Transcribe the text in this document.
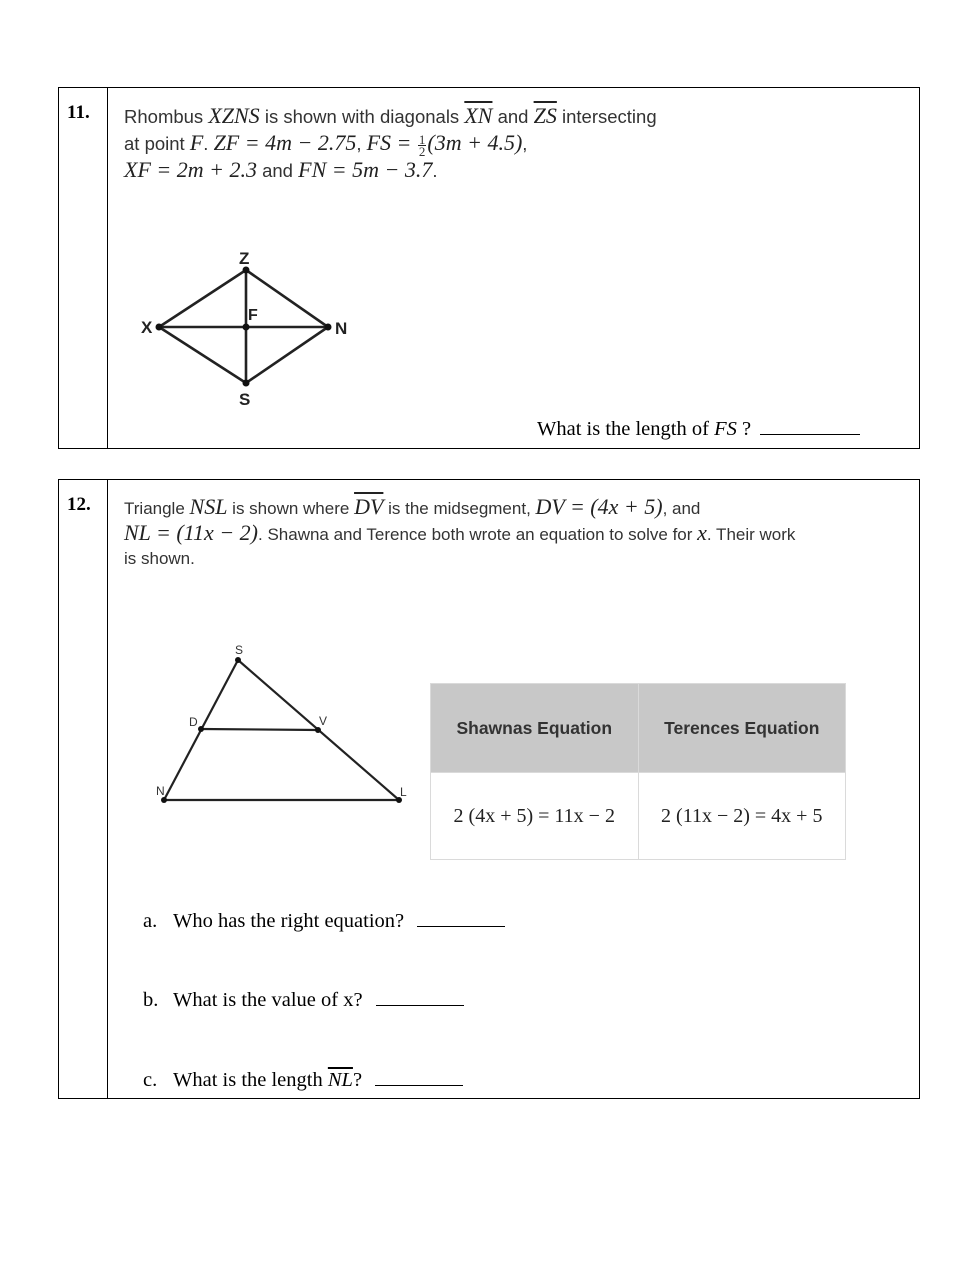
11. Rhombus XZNS is shown with diagonals $\overline{XN}$ and $\overline{ZS}$ intersecting
at point F. ZF = 4m − 2.75, FS = $\frac{1}{2} (3m + 4.5)$,
XF = 2m + 2.3 and FN = 5m − 3.7.
Z
X
F
N
S
What is the length of FS ?
12. Triangle NSL is shown where $\overline{DV}$ is the midsegment, DV = (4x + 5), and
NL = (11x − 2). Shawna and Terence both wrote an equation to solve for x. Their work
is shown.
S
D	V
N	L
Shawnas Equation	Terences Equation
2 (4x + 5) = 11x − 2	2 (11x − 2) = 4x + 5
a. Who has the right equation?
b. What is the value of x?
c. What is the length $\overline{NL}$?
